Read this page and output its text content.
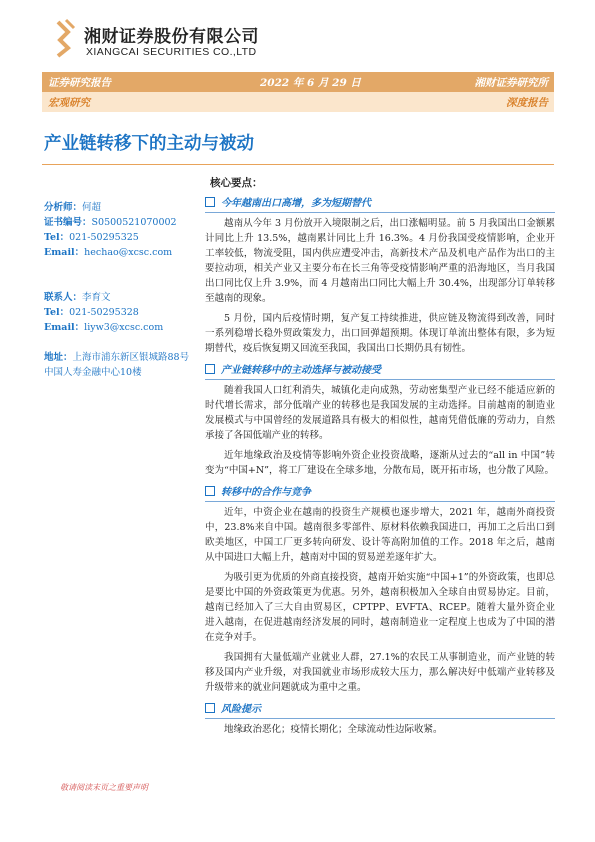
湘财证券股份有限公司
XIANGCAI SECURITIES CO.,LTD
证券研究报告	2022 年 6 月 29 日	湘财证券研究所
宏观研究	深度报告
产业链转移下的主动与被动
分析师：何超
证书编号：S0500521070002
Tel：021-50295325
Email：hechao@xcsc.com
联系人：李育文
Tel：021-50295328
Email：liyw3@xcsc.com
地址：上海市浦东新区银城路88号
中国人寿金融中心10楼
核心要点：
今年越南出口高增，多为短期替代

越南从今年 3 月份放开入境限制之后，出口涨幅明显。前 5 月我国出口金额累计同比上升 13.5%，越南累计同比上升 16.3%。4 月份我国受疫情影响，企业开工率较低，物流受阻，国内供应遭受冲击，高新技术产品及机电产品作为出口的主要拉动项，相关产业又主要分布在长三角等受疫情影响严重的沿海地区，当月我国出口同比仅上升 3.9%，而 4 月越南出口同比大幅上升 30.4%，出现部分订单转移至越南的现象。

5 月份，国内后疫情时期，复产复工持续推进，供应链及物流得到改善，同时一系列稳增长稳外贸政策发力，出口回弹超预期。体现订单流出整体有限，多为短期替代，疫后恢复期又回流至我国，我国出口长期仍具有韧性。

产业链转移中的主动选择与被动接受

随着我国人口红利消失，城镇化走向成熟，劳动密集型产业已经不能适应新的时代增长需求，部分低端产业的转移也是我国发展的主动选择。目前越南的制造业发展模式与中国曾经的发展道路具有极大的相似性，越南凭借低廉的劳动力，自然承接了各国低端产业的转移。

近年地缘政治及疫情等影响外资企业投资战略，逐渐从过去的“all in 中国”转变为“中国+N”，将工厂建设在全球多地，分散布局，既开拓市场，也分散了风险。

转移中的合作与竞争

近年，中资企业在越南的投资生产规模也逐步增大，2021 年，越南外商投资中，23.8%来自中国。越南很多零部件、原材料依赖我国进口，再加工之后出口到欧美地区，中国工厂更多转向研发、设计等高附加值的工作。2018 年之后，越南从中国进口大幅上升，越南对中国的贸易逆差逐年扩大。

为吸引更为优质的外商直接投资，越南开始实施“中国+1”的外资政策，也即总是要比中国的外资政策更为优惠。另外，越南积极加入全球自由贸易协定。目前，越南已经加入了三大自由贸易区，CPTPP、EVFTA、RCEP。随着大量外资企业进入越南，在促进越南经济发展的同时，越南制造业一定程度上也成为了中国的潜在竞争对手。

我国拥有大量低端产业就业人群，27.1%的农民工从事制造业，而产业链的转移及国内产业升级，对我国就业市场形成较大压力，那么解决好中低端产业转移及升级带来的就业问题就成为重中之重。

风险提示

地缘政治恶化；疫情长期化；全球流动性边际收紧。

敬请阅读末页之重要声明
